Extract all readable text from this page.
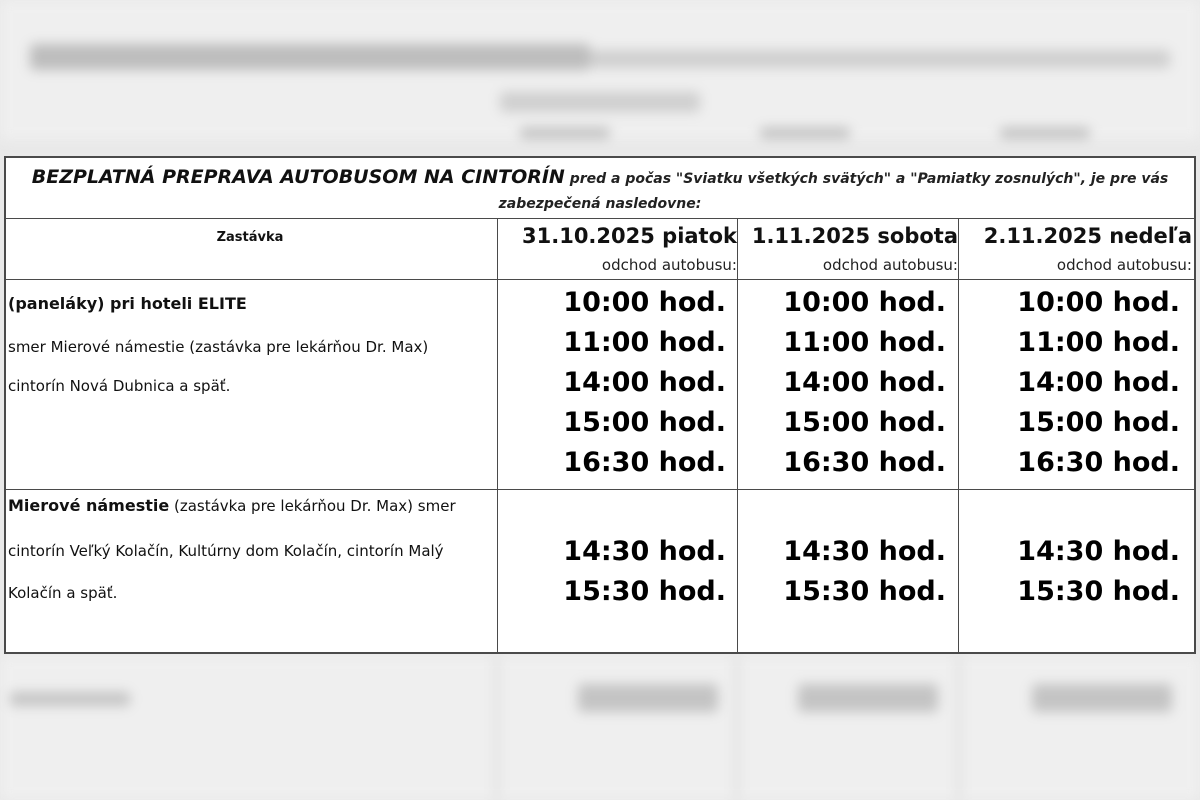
BEZPLATNÁ PREPRAVA AUTOBUSOM NA CINTORÍN pred a počas "Sviatku všetkých svätých" a "Pamiatky zosnulých", je pre vás zabezpečená nasledovne:
Zastávka	31.10.2025 piatok
odchod autobusu:
1.11.2025 sobota
odchod autobusu:
2.11.2025 nedeľa
odchod autobusu:
(paneláky) pri hoteli ELITE
smer Mierové námestie (zastávka pre lekárňou Dr. Max)
cintorín Nová Dubnica a späť.
10:00 hod.
11:00 hod.
14:00 hod.
15:00 hod.
16:30 hod.
10:00 hod.
11:00 hod.
14:00 hod.
15:00 hod.
16:30 hod.
10:00 hod.
11:00 hod.
14:00 hod.
15:00 hod.
16:30 hod.
Mierové námestie (zastávka pre lekárňou Dr. Max) smer
cintorín Veľký Kolačín, Kultúrny dom Kolačín, cintorín Malý
Kolačín a späť.
14:30 hod.
15:30 hod.
14:30 hod.
15:30 hod.
14:30 hod.
15:30 hod.
